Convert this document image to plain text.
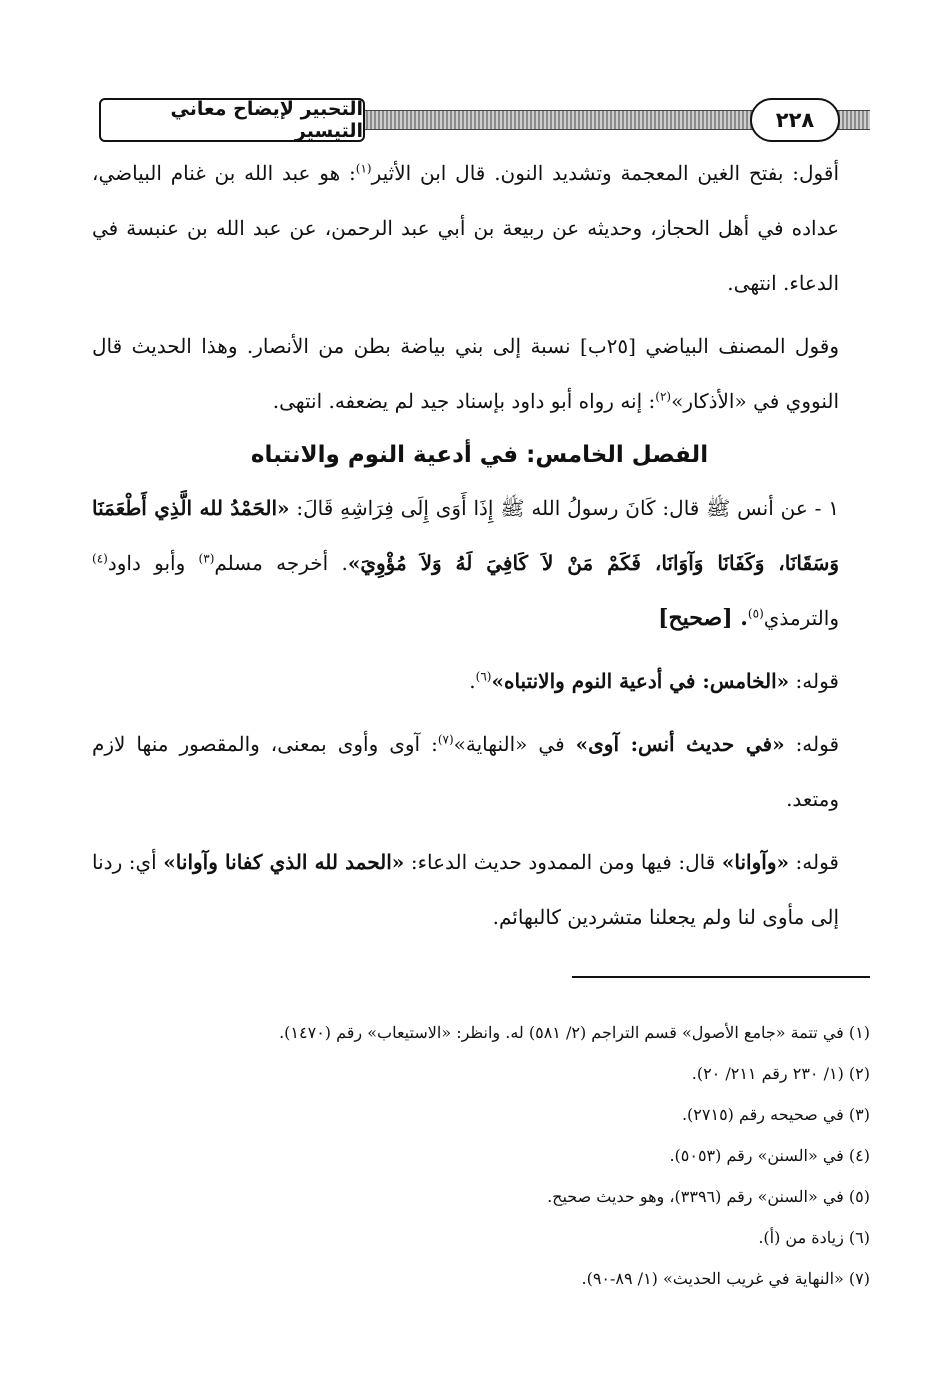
التحبير لإيضاح معاني التيسير	٢٢٨

أقول: بفتح الغين المعجمة وتشديد النون. قال ابن الأثير$^{(١)}$: هو عبد الله بن غنام البياضي، عداده في أهل الحجاز، وحديثه عن ربيعة بن أبي عبد الرحمن، عن عبد الله بن عنبسة في الدعاء. انتهى.

وقول المصنف البياضي [٢٥ب] نسبة إلى بني بياضة بطن من الأنصار. وهذا الحديث قال النووي في «الأذكار»$^{(٢)}$: إنه رواه أبو داود بإسناد جيد لم يضعفه. انتهى.

الفصل الخامس: في أدعية النوم والانتباه

١ - عن أنس ﷺ قال: كَانَ رسولُ الله ﷺ إِذَا أَوَى إِلَى فِرَاشِهِ قَالَ: «الحَمْدُ لله الَّذِي أَطْعَمَنَا وَسَقَانَا، وَكَفَانَا وَآوَانَا، فَكَمْ مَنْ لاَ كَافِيَ لَهُ وَلاَ مُؤْوِيَ». أخرجه مسلم$^{(٣)}$ وأبو داود$^{(٤)}$ والترمذي$^{(٥)}$. [صحيح]

قوله: «الخامس: في أدعية النوم والانتباه»$^{(٦)}$.

قوله: «في حديث أنس: آوى» في «النهاية»$^{(٧)}$: آوى وأوى بمعنى، والمقصور منها لازم ومتعد.

قوله: «وآوانا» قال: فيها ومن الممدود حديث الدعاء: «الحمد لله الذي كفانا وآوانا» أي: ردنا إلى مأوى لنا ولم يجعلنا متشردين كالبهائم.

(١) في تتمة «جامع الأصول» قسم التراجم (٢/ ٥٨١) له. وانظر: «الاستيعاب» رقم (١٤٧٠).

(٢) (١/ ٢٣٠ رقم ٢١١/ ٢٠).

(٣) في صحيحه رقم (٢٧١٥).

(٤) في «السنن» رقم (٥٠٥٣).

(٥) في «السنن» رقم (٣٣٩٦)، وهو حديث صحيح.

(٦) زيادة من (أ).

(٧) «النهاية في غريب الحديث» (١/ ٨٩-٩٠).
